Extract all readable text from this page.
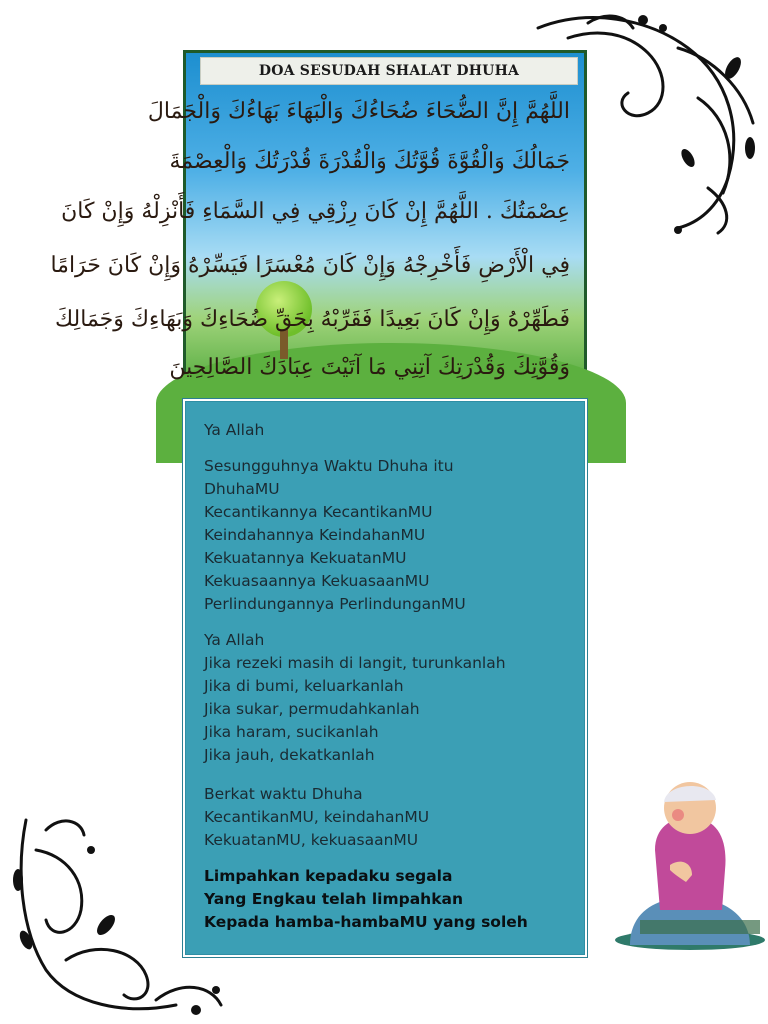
DOA SESUDAH SHALAT DHUHA
اللَّهُمَّ إِنَّ الضُّحَاءَ ضُحَاءُكَ وَالْبَهَاءَ بَهَاءُكَ وَالْجَمَالَ
جَمَالُكَ وَالْقُوَّةَ قُوَّتُكَ وَالْقُدْرَةَ قُدْرَتُكَ وَالْعِصْمَةَ
عِصْمَتُكَ . اللَّهُمَّ إِنْ كَانَ رِزْقِي فِي السَّمَاءِ فَأَنْزِلْهُ وَإِنْ كَانَ
فِي الْأَرْضِ فَأَخْرِجْهُ وَإِنْ كَانَ مُعْسَرًا فَيَسِّرْهُ وَإِنْ كَانَ حَرَامًا
فَطَهِّرْهُ وَإِنْ كَانَ بَعِيدًا فَقَرِّبْهُ بِحَقِّ ضُحَاءِكَ وَبَهَاءِكَ وَجَمَالِكَ
وَقُوَّتِكَ وَقُدْرَتِكَ آتِنِي مَا آتَيْتَ عِبَادَكَ الصَّالِحِينَ
Ya Allah
Sesungguhnya Waktu Dhuha itu
DhuhaMU
Kecantikannya KecantikanMU
Keindahannya KeindahanMU
Kekuatannya KekuatanMU
Kekuasaannya KekuasaanMU
Perlindungannya PerlindunganMU
Ya Allah
Jika rezeki masih di langit, turunkanlah
Jika di bumi, keluarkanlah
Jika sukar, permudahkanlah
Jika haram, sucikanlah
Jika jauh, dekatkanlah
Berkat waktu Dhuha
KecantikanMU, keindahanMU
KekuatanMU, kekuasaanMU
Limpahkan kepadaku segala
Yang Engkau telah limpahkan
Kepada hamba-hambaMU yang soleh
